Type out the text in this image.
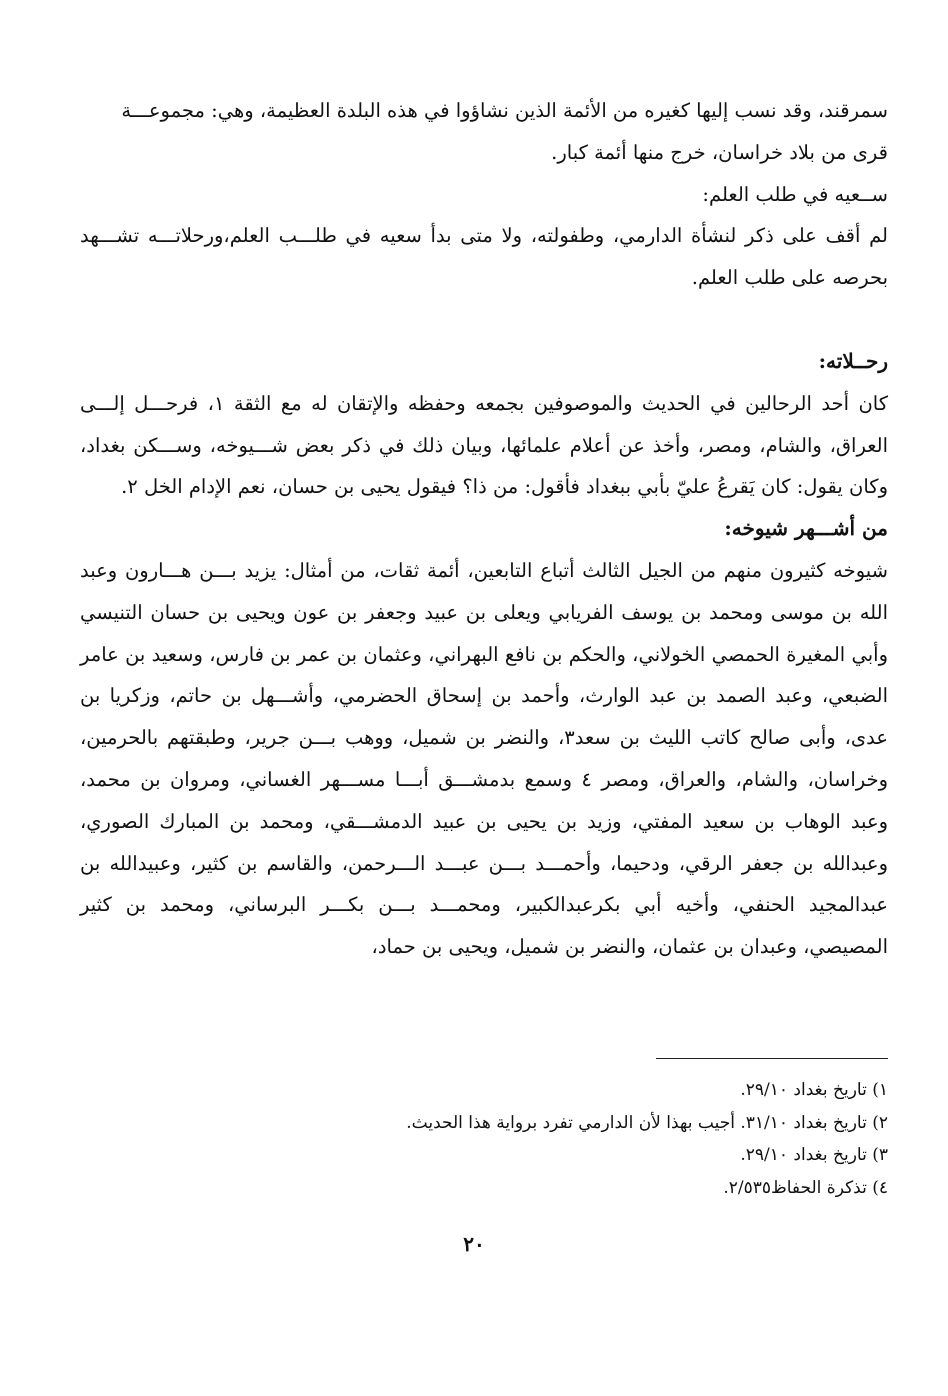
سمرقند، وقد نسب إليها كغيره من الأئمة الذين نشاؤوا في هذه البلدة العظيمة، وهي: مجموعـــة

قرى من بلاد خراسان، خرج منها أئمة كبار.

ســعيه في طلب العلم:

لم أقف على ذكر لنشأة الدارمي، وطفولته، ولا متى بدأ سعيه في طلـــب العلم،ورحلاتـــه تشـــهد بحرصه على طلب العلم.

رحــلاته:

كان أحد الرحالين في الحديث والموصوفين بجمعه وحفظه والإتقان له مع الثقة ١، فرحـــل إلـــى العراق، والشام، ومصر، وأخذ عن أعلام علمائها، وبيان ذلك في ذكر بعض شـــيوخه، وســـكن بغداد، وكان يقول: كان يَقرعُ عليّ بأبي ببغداد فأقول: من ذا؟ فيقول يحيى بن حسان، نعم الإدام الخل ٢.

من أشـــهر شيوخه:

شيوخه كثيرون منهم من الجيل الثالث أتباع التابعين، أئمة ثقات، من أمثال: يزيد بـــن هـــارون وعبد الله بن موسى ومحمد بن يوسف الفريابي ويعلى بن عبيد وجعفر بن عون ويحيى بن حسان التنيسي وأبي المغيرة الحمصي الخولاني، والحكم بن نافع البهراني، وعثمان بن عمر بن فارس، وسعيد بن عامر الضبعي، وعبد الصمد بن عبد الوارث، وأحمد بن إسحاق الحضرمي، وأشـــهل بن حاتم، وزكريا بن عدى، وأبى صالح كاتب الليث بن سعد٣، والنضر بن شميل، ووهب بـــن جرير، وطبقتهم بالحرمين، وخراسان، والشام، والعراق، ومصر ٤ وسمع بدمشـــق أبـــا مســـهر الغساني، ومروان بن محمد، وعبد الوهاب بن سعيد المفتي، وزيد بن يحيى بن عبيد الدمشـــقي، ومحمد بن المبارك الصوري، وعبدالله بن جعفر الرقي، ودحيما، وأحمـــد بـــن عبـــد الـــرحمن، والقاسم بن كثير، وعبيدالله بن عبدالمجيد الحنفي، وأخيه أبي بكرعبدالكبير، ومحمـــد بـــن بكـــر البرساني، ومحمد بن كثير المصيصي، وعبدان بن عثمان، والنضر بن شميل، ويحيى بن حماد،

١) تاريخ بغداد ٢٩/١٠.

٢) تاريخ بغداد ٣١/١٠. أجيب بهذا لأن الدارمي تفرد برواية هذا الحديث.

٣) تاريخ بغداد ٢٩/١٠.

٤) تذكرة الحفاظ٢/٥٣٥.

٢٠
